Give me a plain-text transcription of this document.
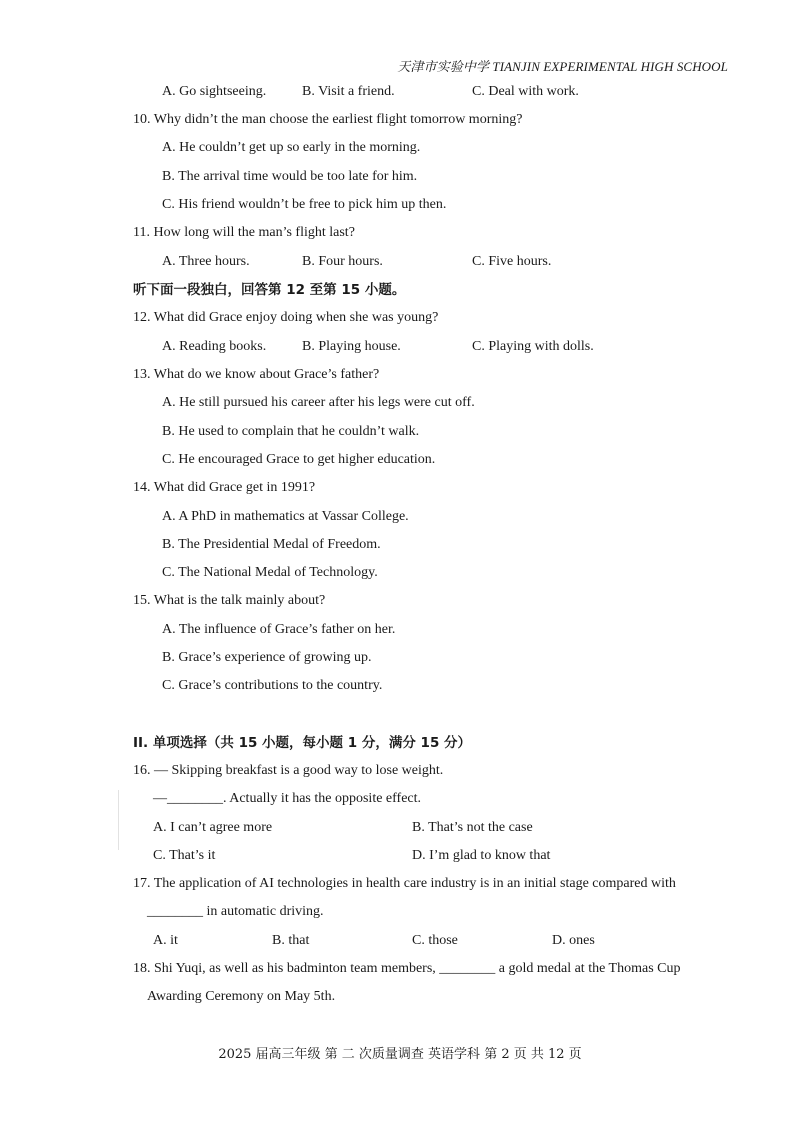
天津市实验中学 TIANJIN EXPERIMENTAL HIGH SCHOOL
A. Go sightseeing.	B. Visit a friend.	C. Deal with work.
10. Why didn’t the man choose the earliest flight tomorrow morning?
A. He couldn’t get up so early in the morning.
B. The arrival time would be too late for him.
C. His friend wouldn’t be free to pick him up then.
11. How long will the man’s flight last?
A. Three hours.	B. Four hours.	C. Five hours.
听下面一段独白，回答第 12 至第 15 小题。
12. What did Grace enjoy doing when she was young?
A. Reading books.	B. Playing house.	C. Playing with dolls.
13. What do we know about Grace’s father?
A. He still pursued his career after his legs were cut off.
B. He used to complain that he couldn’t walk.
C. He encouraged Grace to get higher education.
14. What did Grace get in 1991?
A. A PhD in mathematics at Vassar College.
B. The Presidential Medal of Freedom.
C. The National Medal of Technology.
15. What is the talk mainly about?
A. The influence of Grace’s father on her.
B. Grace’s experience of growing up.
C. Grace’s contributions to the country.
II. 单项选择（共 15 小题，每小题 1 分，满分 15 分）
16. — Skipping breakfast is a good way to lose weight.
—________. Actually it has the opposite effect.
A. I can’t agree more	B. That’s not the case
C. That’s it	D. I’m glad to know that
17. The application of AI technologies in health care industry is in an initial stage compared with
________ in automatic driving.
A. it	B. that	C. those	D. ones
18. Shi Yuqi, as well as his badminton team members, ________ a gold medal at the Thomas Cup
Awarding Ceremony on May 5th.
2025 届高三年级 第 二 次质量调查 英语学科 第 2 页 共 12 页
